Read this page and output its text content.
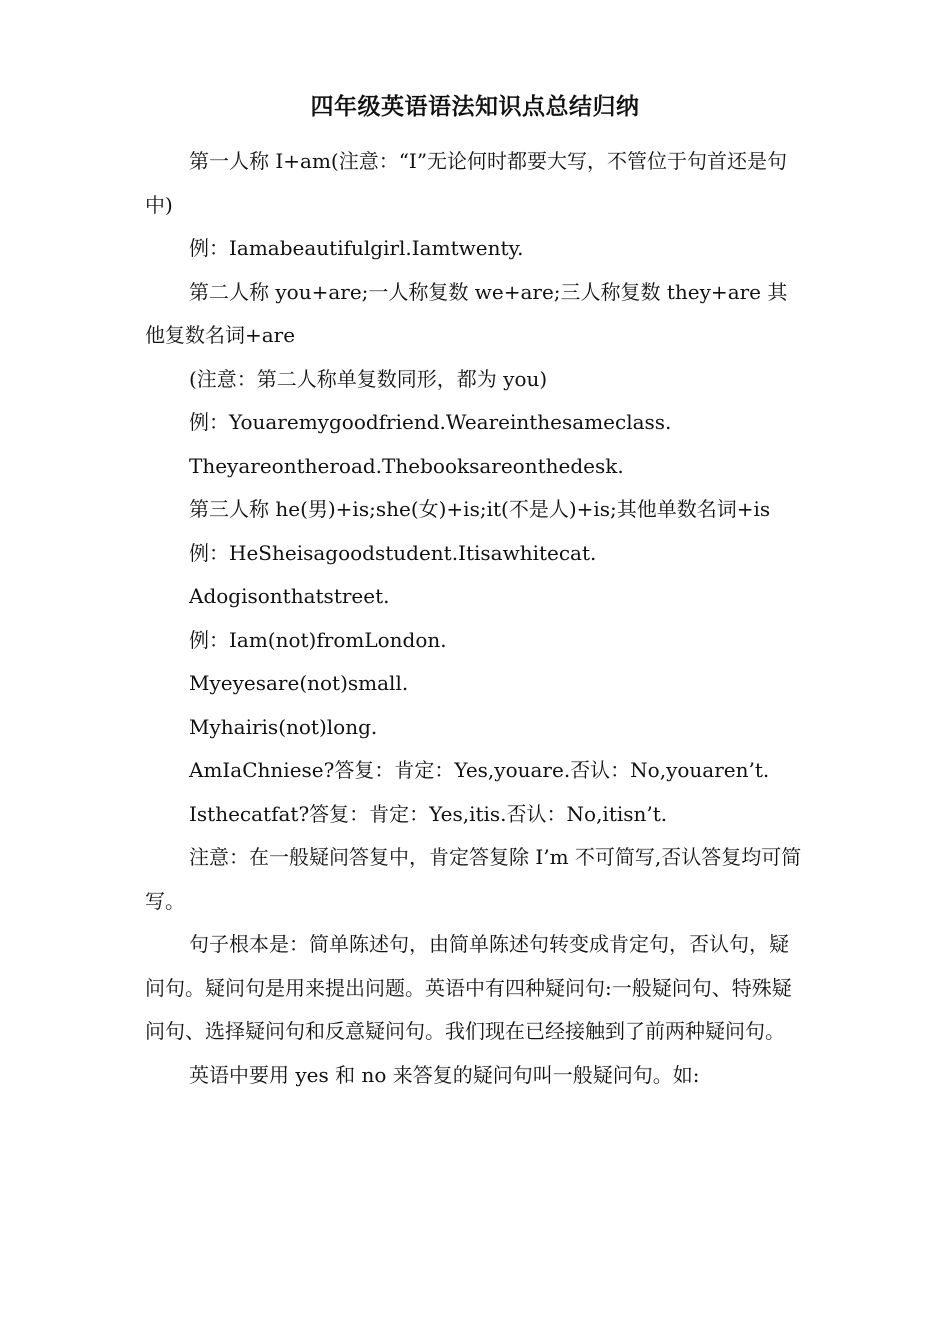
四年级英语语法知识点总结归纳

第一人称 I+am(注意：“I”无论何时都要大写，不管位于句首还是句中)

例：Iamabeautifulgirl.Iamtwenty.

第二人称 you+are;一人称复数 we+are;三人称复数 they+are 其他复数名词+are

(注意：第二人称单复数同形，都为 you)

例：Youaremygoodfriend.Weareinthesameclass.

Theyareontheroad.Thebooksareonthedesk.

第三人称 he(男)+is;she(女)+is;it(不是人)+is;其他单数名词+is

例：HeSheisagoodstudent.Itisawhitecat.

Adogisonthatstreet.

例：Iam(not)fromLondon.

Myeyesare(not)small.

Myhairis(not)long.

AmIaChniese?答复：肯定：Yes,youare.否认：No,youaren’t.

Isthecatfat?答复：肯定：Yes,itis.否认：No,itisn’t.

注意：在一般疑问答复中，肯定答复除 I’m 不可简写,否认答复均可简写。

句子根本是：简单陈述句，由简单陈述句转变成肯定句，否认句，疑问句。疑问句是用来提出问题。英语中有四种疑问句:一般疑问句、特殊疑问句、选择疑问句和反意疑问句。我们现在已经接触到了前两种疑问句。

英语中要用 yes 和 no 来答复的疑问句叫一般疑问句。如:
